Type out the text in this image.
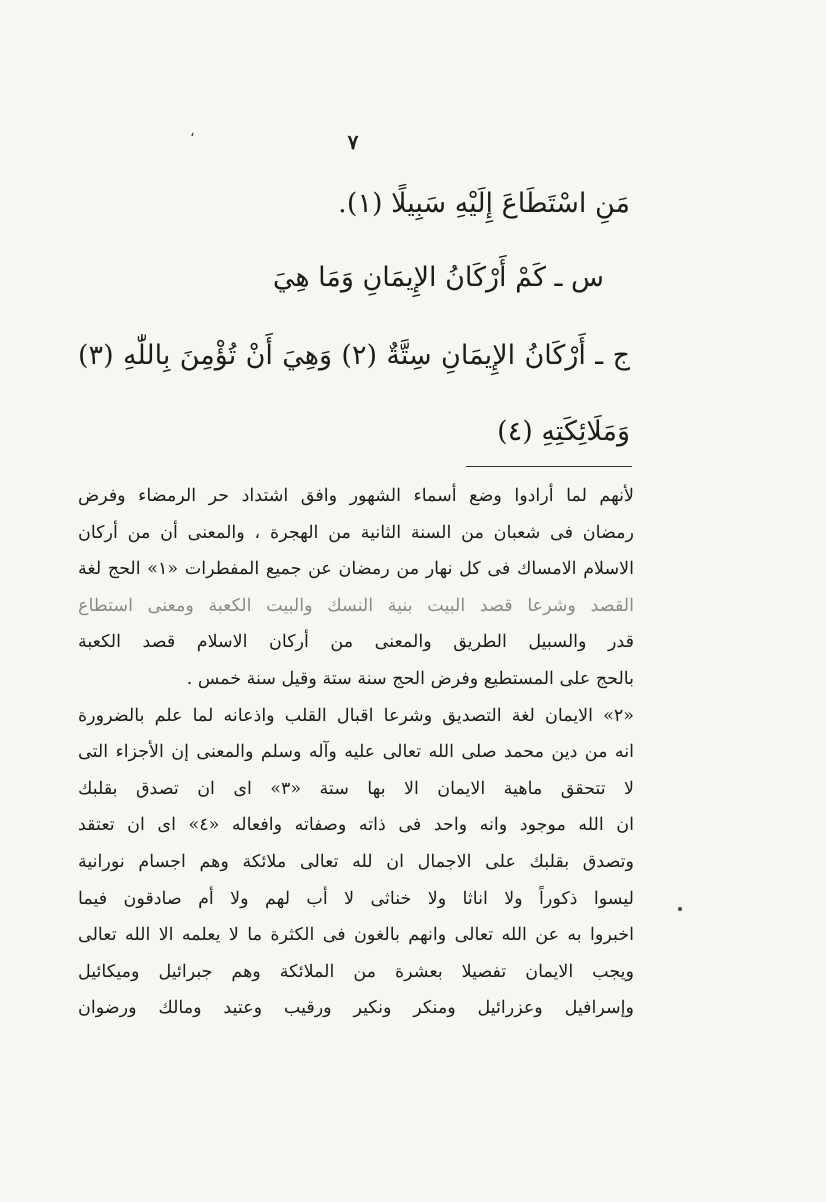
،	٧
مَنِ اسْتَطَاعَ إِلَيْهِ سَبِيلًا (١)․
س ـ كَمْ أَرْكَانُ الإِيمَانِ وَمَا هِيَ
ج ـ أَرْكَانُ الإِيمَانِ سِتَّةٌ (٢) وَهِيَ أَنْ تُؤْمِنَ بِاللّٰهِ (٣)
وَمَلَائِكَتِهِ (٤)
لأنهم لما أرادوا وضع أسماء الشهور وافق اشتداد حر الرمضاء وفرض
رمضان فى شعبان من السنة الثانية من الهجرة ، والمعنى أن من أركان
الاسلام الامساك فى كل نهار من رمضان عن جميع المفطرات «١» الحج لغة
القصد وشرعا قصد البيت بنية النسك والبيت الكعبة ومعنى استطاع
قدر والسبيل الطريق والمعنى من أركان الاسلام قصد الكعبة
بالحج على المستطيع وفرض الحج سنة ستة وقيل سنة خمس .
«٢» الايمان لغة التصديق وشرعا اقبال القلب واذعانه لما علم بالضرورة
انه من دين محمد صلى الله تعالى عليه وآله وسلم والمعنى إن الأجزاء التى
لا تتحقق ماهية الايمان الا بها ستة «٣» اى ان تصدق بقلبك
ان الله موجود وانه واحد فى ذاته وصفاته وافعاله «٤» اى ان تعتقد
وتصدق بقلبك على الاجمال ان لله تعالى ملائكة وهم اجسام نورانية
ليسوا ذكوراً ولا اناثا ولا خناثى لا أب لهم ولا أم صادقون فيما
اخبروا به عن الله تعالى وانهم بالغون فى الكثرة ما لا يعلمه الا الله تعالى
ويجب الايمان تفصيلا بعشرة من الملائكة وهم جبرائيل وميكائيل
وإسرافيل وعزرائيل ومنكر ونكير ورقيب وعتيد ومالك ورضوان
